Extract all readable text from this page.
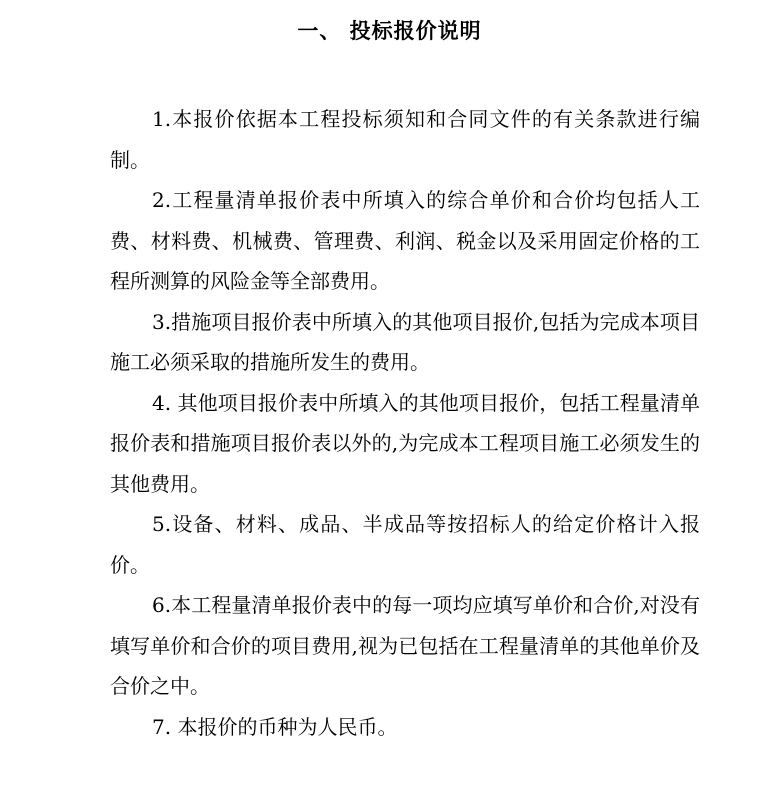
一、 投标报价说明

1.本报价依据本工程投标须知和合同文件的有关条款进行编制。

2.工程量清单报价表中所填入的综合单价和合价均包括人工费、材料费、机械费、管理费、利润、税金以及采用固定价格的工程所测算的风险金等全部费用。

3.措施项目报价表中所填入的其他项目报价,包括为完成本项目施工必须采取的措施所发生的费用。

4. 其他项目报价表中所填入的其他项目报价，包括工程量清单报价表和措施项目报价表以外的,为完成本工程项目施工必须发生的其他费用。

5.设备、材料、成品、半成品等按招标人的给定价格计入报价。

6.本工程量清单报价表中的每一项均应填写单价和合价,对没有填写单价和合价的项目费用,视为已包括在工程量清单的其他单价及合价之中。

7. 本报价的币种为人民币。
